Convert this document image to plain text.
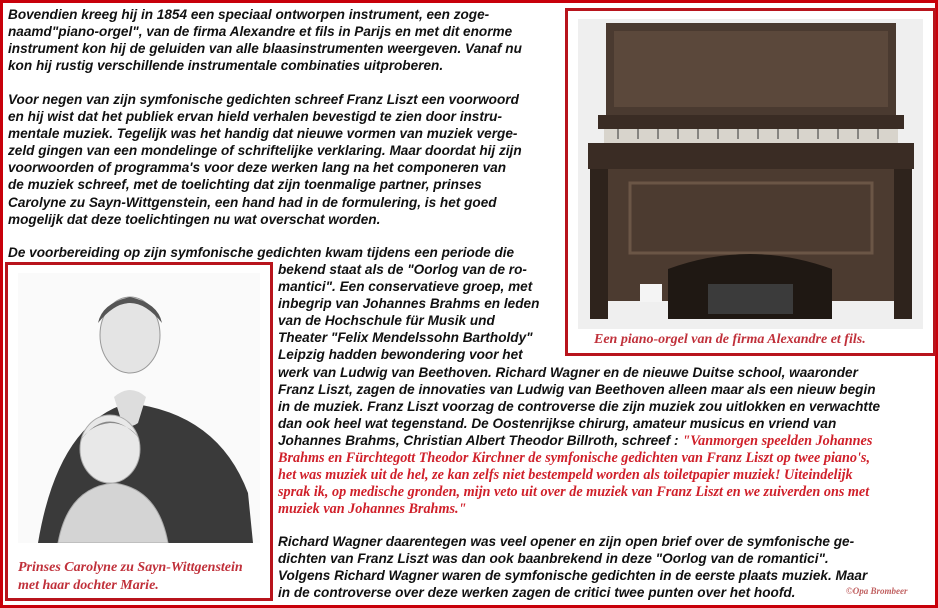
Bovendien kreeg hij in 1854 een speciaal ontworpen instrument, een zoge-
naamd"piano-orgel", van de firma Alexandre et fils in Parijs en met dit enorme
instrument kon hij de geluiden van alle blaasinstrumenten weergeven. Vanaf nu
kon hij rustig verschillende instrumentale combinaties uitproberen.
Voor negen van zijn symfonische gedichten schreef Franz Liszt een voorwoord
en hij wist dat het publiek ervan hield verhalen bevestigd te zien door instru-
mentale muziek. Tegelijk was het handig dat nieuwe vormen van muziek verge-
zeld gingen van een mondelinge of schriftelijke verklaring. Maar doordat hij zijn
voorwoorden of programma's voor deze werken lang na het componeren van
de muziek schreef, met de toelichting dat zijn toenmalige partner, prinses
Carolyne zu Sayn-Wittgenstein, een hand had in de formulering, is het goed
mogelijk dat deze toelichtingen nu wat overschat worden.
De voorbereiding op zijn symfonische gedichten kwam tijdens een periode die
bekend staat als de "Oorlog van de ro-
mantici". Een conservatieve groep, met
inbegrip van Johannes Brahms en leden
van de Hochschule für Musik und
Theater "Felix Mendelssohn Bartholdy"
Leipzig hadden bewondering voor het
werk van Ludwig van Beethoven. Richard Wagner en de nieuwe Duitse school, waaronder
Franz Liszt, zagen de innovaties van Ludwig van Beethoven alleen maar als een nieuw begin
in de muziek. Franz Liszt voorzag de controverse die zijn muziek zou uitlokken en verwachtte
dan ook heel wat tegenstand. De Oostenrijkse chirurg, amateur musicus en vriend van
Johannes Brahms, Christian Albert Theodor Billroth, schreef : "Vanmorgen speelden Johannes
Brahms en Fürchtegott Theodor Kirchner de symfonische gedichten van Franz Liszt op twee piano's,
het was muziek uit de hel, ze kan zelfs niet bestempeld worden als toiletpapier muziek! Uiteindelijk
sprak ik, op medische gronden, mijn veto uit over de muziek van Franz Liszt en we zuiverden ons met
muziek van Johannes Brahms."
Richard Wagner daarentegen was veel opener en zijn open brief over de symfonische ge-
dichten van Franz Liszt was dan ook baanbrekend in deze "Oorlog van de romantici".
Volgens Richard Wagner waren de symfonische gedichten in de eerste plaats muziek. Maar
in de controverse over deze werken zagen de critici twee punten over het hoofd.
Een piano-orgel van de firma Alexandre et fils.
Prinses Carolyne zu Sayn-Wittgenstein
met haar dochter Marie.	©Opa Brombeer
